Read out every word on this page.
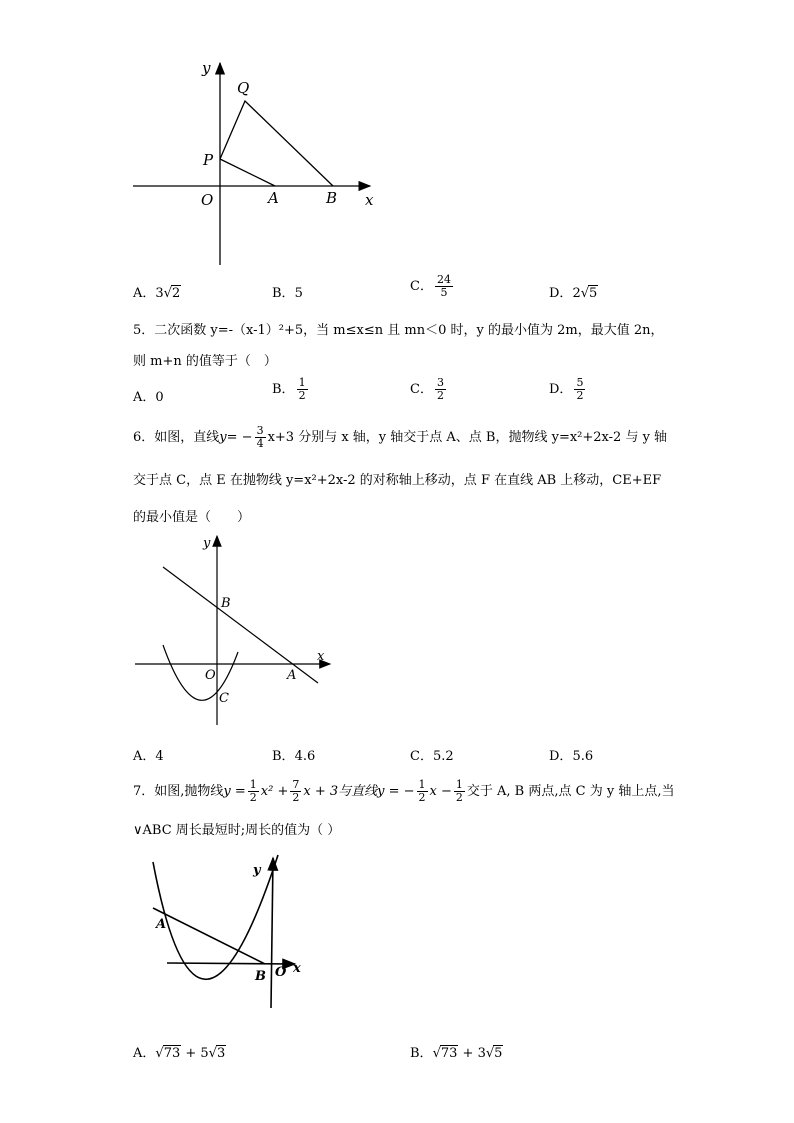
y
Q
P
O	A	B x
A．3√2	B．5	C． $\frac{24}{5}$	D．2√5
5．二次函数 y=-（x-1）²+5，当 m≤x≤n 且 mn＜0 时，y 的最小值为 2m，最大值 2n，
则 m+n 的值等于（　）
A．0
B． $\frac{1}{2}$	C． $\frac{3}{2}$	D． $\frac{5}{2}$
6．如图，直线$y= - \frac{3}{4} x+3$ 分别与 x 轴，y 轴交于点 A、点 B，抛物线 y=x²+2x-2 与 y 轴
交于点 C，点 E 在抛物线 y=x²+2x-2 的对称轴上移动，点 F 在直线 AB 上移动，CE+EF
的最小值是（　　）
y
B
x
O	A
C
A．4	B．4.6	C．5.2	D．5.6
7．如图,抛物线$y = \frac{1}{2} x^2 + \frac{7}{2}$ x + 3与直线y = − $\frac{1}{2}$ $x - \frac{1}{2}$ 交于 A, B 两点,点 C 为 y 轴上点,当
∨ABC 周长最短时;周长的值为（ ）
y
A
B O x
A．√73 + 5√3	B．√73 + 3√5
